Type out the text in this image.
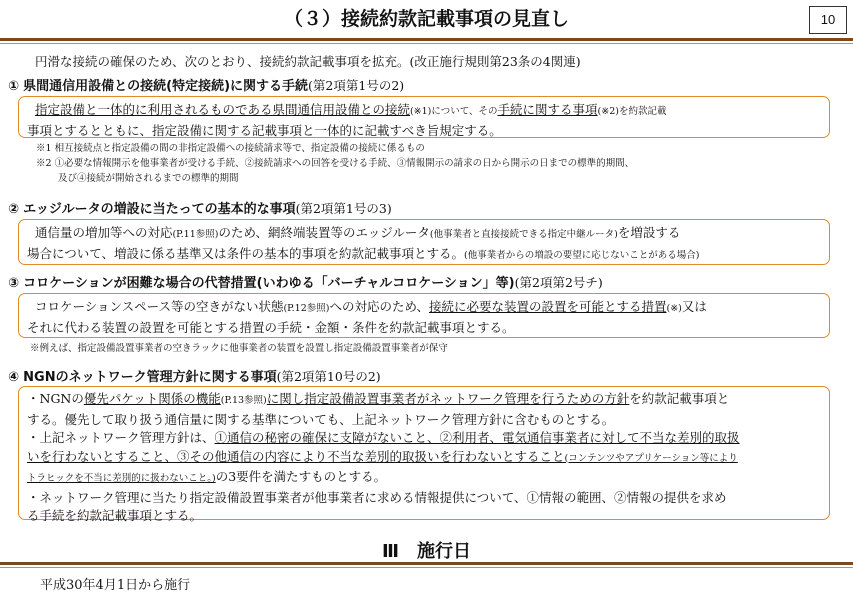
（３）接続約款記載事項の見直し	10
円滑な接続の確保のため、次のとおり、接続約款記載事項を拡充。(改正施行規則第23条の4関連)
① 県間通信用設備との接続(特定接続)に関する手続(第2項第1号の2)
指定設備と一体的に利用されるものである県間通信用設備との接続(※1)について、その手続に関する事項(※2)を約款記載
事項とするとともに、指定設備に関する記載事項と一体的に記載すべき旨規定する。
※1 相互接続点と指定設備の間の非指定設備への接続請求等で、指定設備の接続に係るもの
※2 ①必要な情報開示を他事業者が受ける手続、②接続請求への回答を受ける手続、③情報開示の請求の日から開示の日までの標準的期間、
及び④接続が開始されるまでの標準的期間
② エッジルータの増設に当たっての基本的な事項(第2項第1号の3)
通信量の増加等への対応(P.11参照)のため、網終端装置等のエッジルータ(他事業者と直接接続できる指定中継ルータ)を増設する
場合について、増設に係る基準又は条件の基本的事項を約款記載事項とする。(他事業者からの増設の要望に応じないことがある場合)
③ コロケーションが困難な場合の代替措置(いわゆる「バーチャルコロケーション」等)(第2項第2号チ)
コロケーションスペース等の空きがない状態(P.12参照)への対応のため、接続に必要な装置の設置を可能とする措置(※)又は
それに代わる装置の設置を可能とする措置の手続・金額・条件を約款記載事項とする。
※例えば、指定設備設置事業者の空きラックに他事業者の装置を設置し指定設備設置事業者が保守
④ NGNのネットワーク管理方針に関する事項(第2項第10号の2)
・NGNの優先パケット関係の機能(P.13参照)に関し指定設備設置事業者がネットワーク管理を行うための方針を約款記載事項と
する。優先して取り扱う通信量に関する基準についても、上記ネットワーク管理方針に含むものとする。
・上記ネットワーク管理方針は、①通信の秘密の確保に支障がないこと、②利用者、電気通信事業者に対して不当な差別的取扱
いを行わないとすること、③その他通信の内容により不当な差別的取扱いを行わないとすること(コンテンツやアプリケーション等により
トラヒックを不当に差別的に扱わないこと。)の3要件を満たすものとする。
・ネットワーク管理に当たり指定設備設置事業者が他事業者に求める情報提供について、①情報の範囲、②情報の提供を求め
る手続を約款記載事項とする。
Ⅲ　施行日
平成30年4月1日から施行
